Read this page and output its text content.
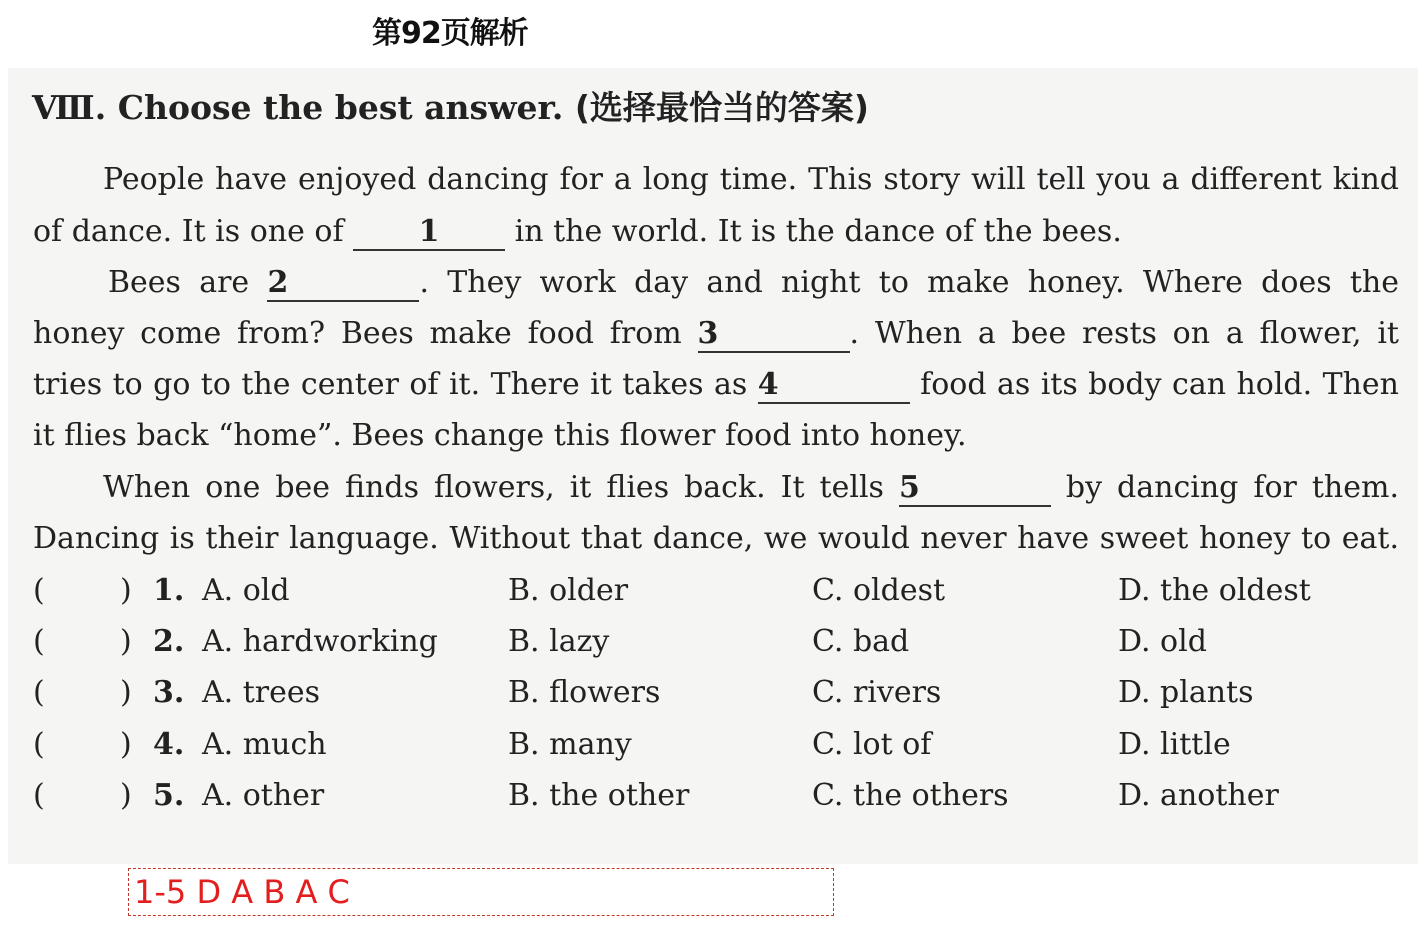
第92页解析
Ⅷ. Choose the best answer. (选择最恰当的答案)
People have enjoyed dancing for a long time. This story will tell you a different kind
of dance. It is one of	1	in the world. It is the dance of the bees.
Bees are 2	. They work day and night to make honey. Where does the
honey come from? Bees make food from 3	. When a bee rests on a flower, it
tries to go to the center of it. There it takes as 4	food as its body can hold. Then
it flies back “home”. Bees change this flower food into honey.
When one bee finds flowers, it flies back. It tells 5	by dancing for them.
Dancing is their language. Without that dance, we would never have sweet honey to eat.
(	) 1. A. old	B. older	C. oldest	D. the oldest
(	) 2. A. hardworking B. lazy	C. bad	D. old
(	) 3. A. trees	B. flowers	C. rivers	D. plants
(	) 4. A. much	B. many	C. lot of	D. little
(	) 5. A. other	B. the other	C. the others	D. another
1-5 D A B A C
